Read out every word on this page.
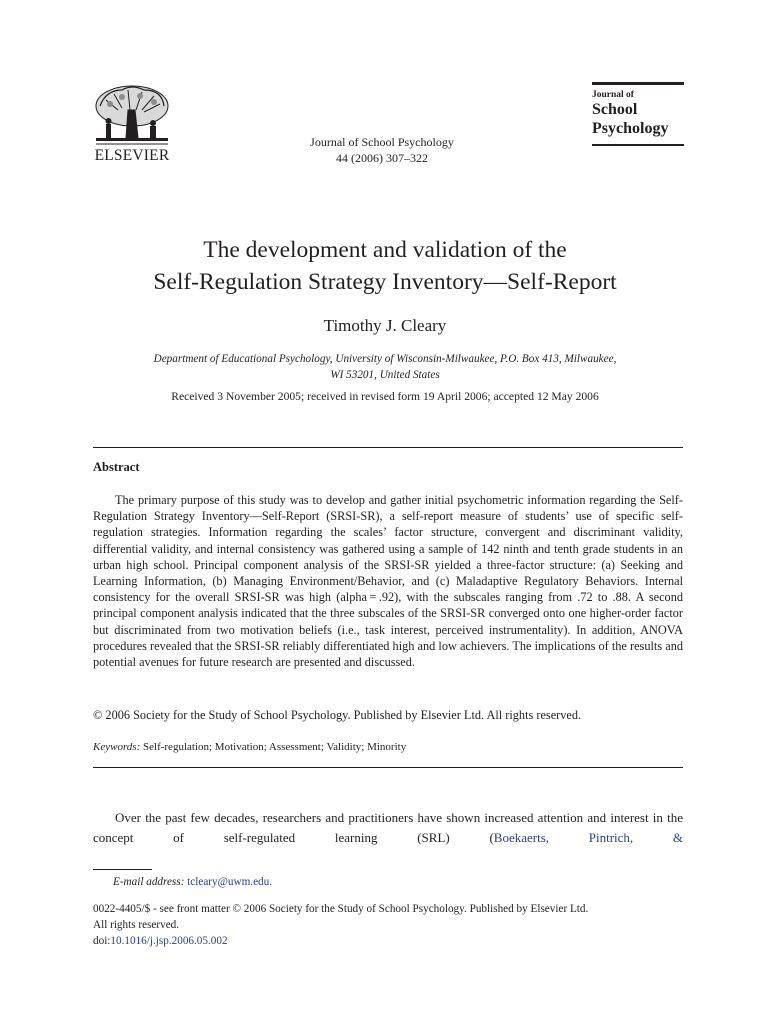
ELSEVIER
Journal of School Psychology
44 (2006) 307–322
Journal of
School
Psychology
The development and validation of the
Self-Regulation Strategy Inventory—Self-Report
Timothy J. Cleary
Department of Educational Psychology, University of Wisconsin-Milwaukee, P.O. Box 413, Milwaukee,
WI 53201, United States
Received 3 November 2005; received in revised form 19 April 2006; accepted 12 May 2006
Abstract

The primary purpose of this study was to develop and gather initial psychometric information regarding the Self-Regulation Strategy Inventory—Self-Report (SRSI-SR), a self-report measure of students’ use of specific self-regulation strategies. Information regarding the scales’ factor structure, convergent and discriminant validity, differential validity, and internal consistency was gathered using a sample of 142 ninth and tenth grade students in an urban high school. Principal component analysis of the SRSI-SR yielded a three-factor structure: (a) Seeking and Learning Information, (b) Managing Environment/Behavior, and (c) Maladaptive Regulatory Behaviors. Internal consistency for the overall SRSI-SR was high (alpha = .92), with the subscales ranging from .72 to .88. A second principal component analysis indicated that the three subscales of the SRSI-SR converged onto one higher-order factor but discriminated from two motivation beliefs (i.e., task interest, perceived instrumentality). In addition, ANOVA procedures revealed that the SRSI-SR reliably differentiated high and low achievers. The implications of the results and potential avenues for future research are presented and discussed.

© 2006 Society for the Study of School Psychology. Published by Elsevier Ltd. All rights reserved.
Keywords: Self-regulation; Motivation; Assessment; Validity; Minority

Over the past few decades, researchers and practitioners have shown increased attention and interest in the concept of self-regulated learning (SRL) (Boekaerts, Pintrich, &

E-mail address: tcleary@uwm.edu.
0022-4405/$ - see front matter © 2006 Society for the Study of School Psychology. Published by Elsevier Ltd.
All rights reserved.
doi:10.1016/j.jsp.2006.05.002
